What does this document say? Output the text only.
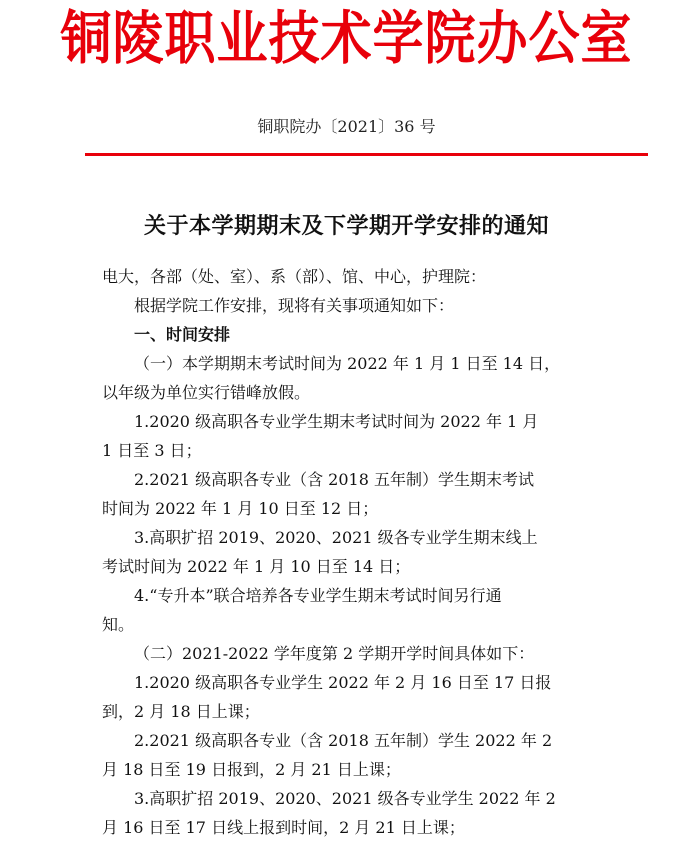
铜陵职业技术学院办公室
铜职院办〔2021〕36 号
关于本学期期末及下学期开学安排的通知
电大，各部（处、室）、系（部）、馆、中心，护理院：
根据学院工作安排，现将有关事项通知如下：
一、时间安排
（一）本学期期末考试时间为 2022 年 1 月 1 日至 14 日，
以年级为单位实行错峰放假。
1.2020 级高职各专业学生期末考试时间为 2022 年 1 月
1 日至 3 日；
2.2021 级高职各专业（含 2018 五年制）学生期末考试
时间为 2022 年 1 月 10 日至 12 日；
3.高职扩招 2019、2020、2021 级各专业学生期末线上
考试时间为 2022 年 1 月 10 日至 14 日；
4.“专升本”联合培养各专业学生期末考试时间另行通
知。
（二）2021-2022 学年度第 2 学期开学时间具体如下：
1.2020 级高职各专业学生 2022 年 2 月 16 日至 17 日报
到，2 月 18 日上课；
2.2021 级高职各专业（含 2018 五年制）学生 2022 年 2
月 18 日至 19 日报到，2 月 21 日上课；
3.高职扩招 2019、2020、2021 级各专业学生 2022 年 2
月 16 日至 17 日线上报到时间，2 月 21 日上课；
